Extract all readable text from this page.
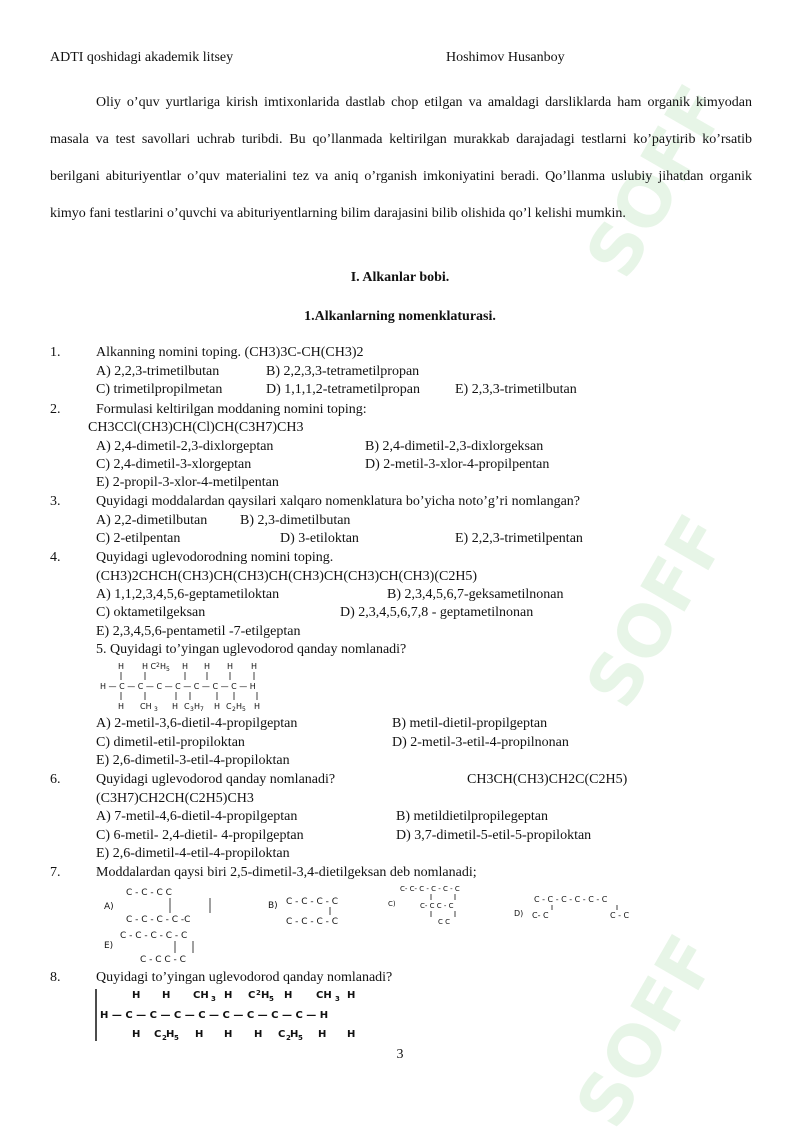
SOFF
SOFF
SOFF
ADTI qoshidagi akademik litsey	Hoshimov Husanboy

Oliy o’quv yurtlariga kirish imtixonlarida dastlab chop etilgan va amaldagi darsliklarda ham organik kimyodan masala va test savollari uchrab turibdi. Bu qo’llanmada keltirilgan murakkab darajadagi testlarni ko’paytirib ko’rsatib berilgani abituriyentlar o’quv materialini tez va aniq o’rganish imkoniyatini beradi. Qo’llanma uslubiy jihatdan organik kimyo fani testlarini o’quvchi va abituriyentlarning bilim darajasini bilib olishida qo’l kelishi mumkin.

I. Alkanlar bobi.
1.Alkanlarning nomenklaturasi.
1.	Alkanning nomini toping. (CH3)3C-CH(CH3)2
A) 2,2,3-trimetilbutan	B) 2,2,3,3-tetrametilpropan
C) trimetilpropilmetan	D) 1,1,1,2-tetrametilpropan	E) 2,3,3-trimetilbutan
2.	Formulasi keltirilgan moddaning nomini toping:
CH3CCl(CH3)CH(Cl)CH(C3H7)CH3
A) 2,4-dimetil-2,3-dixlorgeptan	B) 2,4-dimetil-2,3-dixlorgeksan
C) 2,4-dimetil-3-xlorgeptan	D) 2-metil-3-xlor-4-propilpentan
E) 2-propil-3-xlor-4-metilpentan
3.	Quyidagi moddalardan qaysilari xalqaro nomenklatura bo’yicha noto’g’ri nomlangan?
A) 2,2-dimetilbutan B) 2,3-dimetilbutan
C) 2-etilpentan	D) 3-etiloktan	E) 2,2,3-trimetilpentan
4.	Quyidagi uglevodorodning nomini toping.
(CH3)2CHCH(CH3)CH(CH3)CH(CH3)CH(CH3)CH(CH3)(C2H5)
A) 1,1,2,3,4,5,6-geptametiloktan	B) 2,3,4,5,6,7-geksametilnonan
C) oktametilgeksan	D) 2,3,4,5,6,7,8 - geptametilnonan
E) 2,3,4,5,6-pentametil -7-etilgeptan
5. Quyidagi to’yingan uglevodorod qanday nomlanadi?
H H C 2 H 5 H H H H
H — C — C — C — C — C — C — C — H
H CH 3 H C 3 H 7 H C 2 H 5 H
A) 2-metil-3,6-dietil-4-propilgeptan	B) metil-dietil-propilgeptan
C) dimetil-etil-propiloktan	D) 2-metil-3-etil-4-propilnonan
E) 2,6-dimetil-3-etil-4-propiloktan
6.	Quyidagi uglevodorod qanday nomlanadi?	CH3CH(CH3)CH2C(C2H5)
(C3H7)CH2CH(C2H5)CH3
A) 7-metil-4,6-dietil-4-propilgeptan	B) metildietilpropilegeptan
C) 6-metil- 2,4-dietil- 4-propilgeptan	D) 3,7-dimetil-5-etil-5-propiloktan
E) 2,6-dimetil-4-etil-4-propiloktan
7.	Moddalardan qaysi biri 2,5-dimetil-3,4-dietilgeksan deb nomlanadi;
C - C - C C
A)
C - C - C - C -C
B) C - C - C - C
C - C - C - C
C- C- C - C - C - C
C)	C- C C - C
C C
C - C - C - C - C - C
D) C- C	C - C
C - C - C - C - C
E)
C - C C - C
8.	Quyidagi to’yingan uglevodorod qanday nomlanadi?
H H CH 3 H C 2 H 5 H CH 3 H
H — C — C — C — C — C — C — C — C — H
H C 2 H 5 H H H C 2 H 5 H H
3
